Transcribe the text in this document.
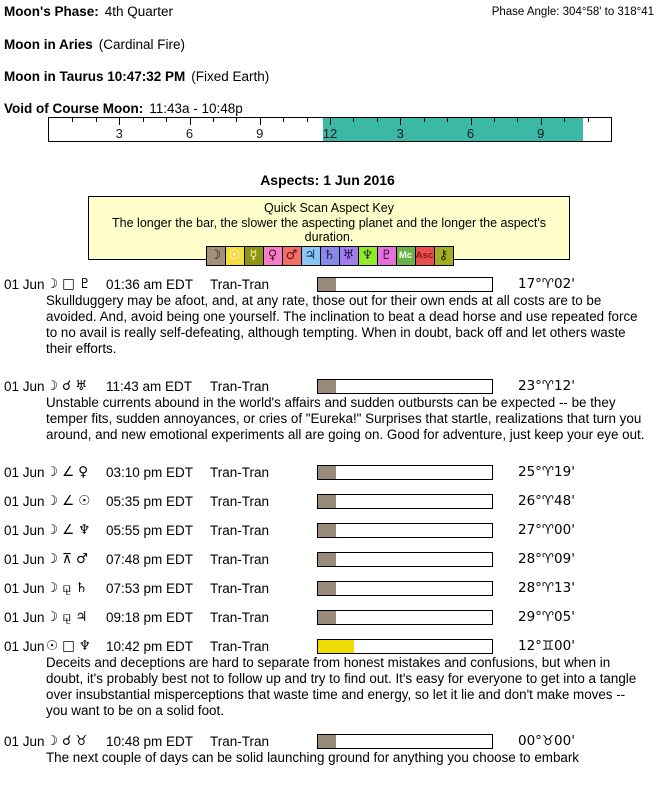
Moon's Phase: 4th Quarter	Phase Angle: 304°58' to 318°41
Moon in Aries (Cardinal Fire)
Moon in Taurus 10:47:32 PM (Fixed Earth)
Void of Course Moon: 11:43a - 10:48p
3	6	9	12	3	6	9
Aspects: 1 Jun 2016
Quick Scan Aspect Key
The longer the bar, the slower the aspecting planet and the longer the aspect's duration.
☽ ☉ ☿ ♀ ♂ ♃ ♄ ♅ ♆ ♇ Mc Asc ⚷
01 Jun ☽ □ ♇ 01:36 am EDT	Tran-Tran	17°♈02'
Skullduggery may be afoot, and, at any rate, those out for their own ends at all costs are to be avoided. And, avoid being one yourself. The inclination to beat a dead horse and use repeated force to no avail is really self-defeating, although tempting. When in doubt, back off and let others waste their efforts.
01 Jun ☽ ☌ ♅ 11:43 am EDT	Tran-Tran	23°♈12'
Unstable currents abound in the world's affairs and sudden outbursts can be expected -- be they temper fits, sudden annoyances, or cries of "Eureka!" Surprises that startle, realizations that turn you around, and new emotional experiments all are going on. Good for adventure, just keep your eye out.
01 Jun ☽ ∠ ♀ 03:10 pm EDT	Tran-Tran	25°♈19'
01 Jun ☽ ∠ ☉ 05:35 pm EDT	Tran-Tran	26°♈48'
01 Jun ☽ ∠ ♆ 05:55 pm EDT	Tran-Tran	27°♈00'
01 Jun ☽ ⊼ ♂ 07:48 pm EDT	Tran-Tran	28°♈09'
01 Jun ☽ ⚼ ♄ 07:53 pm EDT	Tran-Tran	28°♈13'
01 Jun ☽ ⚼ ♃ 09:18 pm EDT	Tran-Tran	29°♈05'
01 Jun ☉ □ ♆ 10:42 pm EDT	Tran-Tran	12°♊00'
Deceits and deceptions are hard to separate from honest mistakes and confusions, but when in doubt, it's probably best not to follow up and try to find out. It's easy for everyone to get into a tangle over insubstantial misperceptions that waste time and energy, so let it lie and don't make moves -- you want to be on a solid foot.
01 Jun ☽ ☌ ♉ 10:48 pm EDT	Tran-Tran	00°♉00'
The next couple of days can be solid launching ground for anything you choose to embark
